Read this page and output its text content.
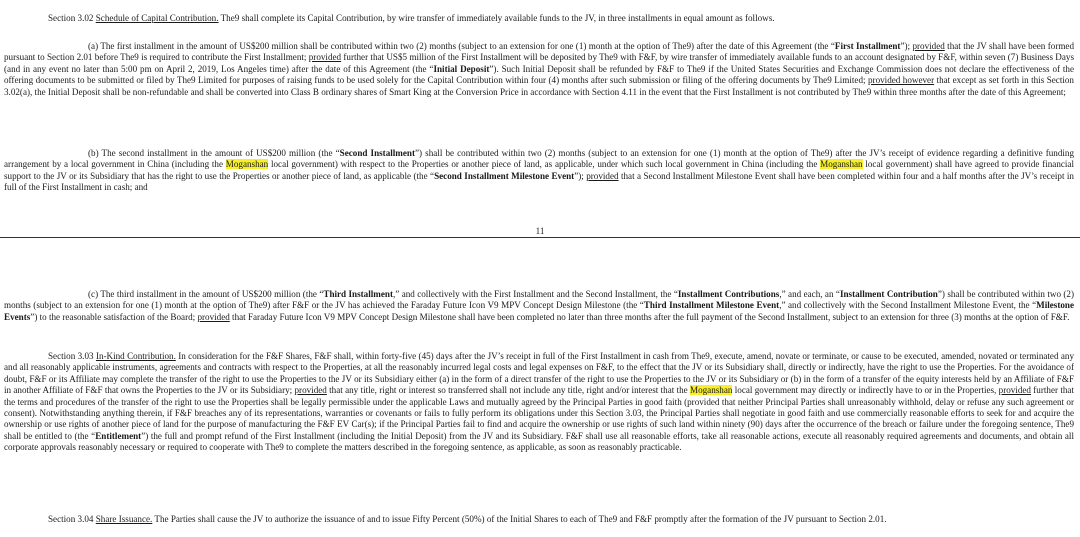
Section 3.02 Schedule of Capital Contribution. The9 shall complete its Capital Contribution, by wire transfer of immediately available funds to the JV, in three installments in equal amount as follows.

(a) The first installment in the amount of US$200 million shall be contributed within two (2) months (subject to an extension for one (1) month at the option of The9) after the date of this Agreement (the “First Installment”); provided that the JV shall have been formed pursuant to Section 2.01 before The9 is required to contribute the First Installment; provided further that US$5 million of the First Installment will be deposited by The9 with F&F, by wire transfer of immediately available funds to an account designated by F&F, within seven (7) Business Days (and in any event no later than 5:00 pm on April 2, 2019, Los Angeles time) after the date of this Agreement (the “Initial Deposit”). Such Initial Deposit shall be refunded by F&F to The9 if the United States Securities and Exchange Commission does not declare the effectiveness of the offering documents to be submitted or filed by The9 Limited for purposes of raising funds to be used solely for the Capital Contribution within four (4) months after such submission or filing of the offering documents by The9 Limited; provided however that except as set forth in this Section 3.02(a), the Initial Deposit shall be non-refundable and shall be converted into Class B ordinary shares of Smart King at the Conversion Price in accordance with Section 4.11 in the event that the First Installment is not contributed by The9 within three months after the date of this Agreement;

(b) The second installment in the amount of US$200 million (the “Second Installment”) shall be contributed within two (2) months (subject to an extension for one (1) month at the option of The9) after the JV’s receipt of evidence regarding a definitive funding arrangement by a local government in China (including the Moganshan local government) with respect to the Properties or another piece of land, as applicable, under which such local government in China (including the Moganshan local government) shall have agreed to provide financial support to the JV or its Subsidiary that has the right to use the Properties or another piece of land, as applicable (the “Second Installment Milestone Event”); provided that a Second Installment Milestone Event shall have been completed within four and a half months after the JV’s receipt in full of the First Installment in cash; and

11

(c) The third installment in the amount of US$200 million (the “Third Installment,” and collectively with the First Installment and the Second Installment, the “Installment Contributions,” and each, an “Installment Contribution”) shall be contributed within two (2) months (subject to an extension for one (1) month at the option of The9) after F&F or the JV has achieved the Faraday Future Icon V9 MPV Concept Design Milestone (the “Third Installment Milestone Event,” and collectively with the Second Installment Milestone Event, the “Milestone Events”) to the reasonable satisfaction of the Board; provided that Faraday Future Icon V9 MPV Concept Design Milestone shall have been completed no later than three months after the full payment of the Second Installment, subject to an extension for three (3) months at the option of F&F.

Section 3.03 In-Kind Contribution. In consideration for the F&F Shares, F&F shall, within forty-five (45) days after the JV’s receipt in full of the First Installment in cash from The9, execute, amend, novate or terminate, or cause to be executed, amended, novated or terminated any and all reasonably applicable instruments, agreements and contracts with respect to the Properties, at all the reasonably incurred legal costs and legal expenses on F&F, to the effect that the JV or its Subsidiary shall, directly or indirectly, have the right to use the Properties. For the avoidance of doubt, F&F or its Affiliate may complete the transfer of the right to use the Properties to the JV or its Subsidiary either (a) in the form of a direct transfer of the right to use the Properties to the JV or its Subsidiary or (b) in the form of a transfer of the equity interests held by an Affiliate of F&F in another Affiliate of F&F that owns the Properties to the JV or its Subsidiary; provided that any title, right or interest so transferred shall not include any title, right and/or interest that the Moganshan local government may directly or indirectly have to or in the Properties, provided further that the terms and procedures of the transfer of the right to use the Properties shall be legally permissible under the applicable Laws and mutually agreed by the Principal Parties in good faith (provided that neither Principal Parties shall unreasonably withhold, delay or refuse any such agreement or consent). Notwithstanding anything therein, if F&F breaches any of its representations, warranties or covenants or fails to fully perform its obligations under this Section 3.03, the Principal Parties shall negotiate in good faith and use commercially reasonable efforts to seek for and acquire the ownership or use rights of another piece of land for the purpose of manufacturing the F&F EV Car(s); if the Principal Parties fail to find and acquire the ownership or use rights of such land within ninety (90) days after the occurrence of the breach or failure under the foregoing sentence, The9 shall be entitled to (the “Entitlement”) the full and prompt refund of the First Installment (including the Initial Deposit) from the JV and its Subsidiary. F&F shall use all reasonable efforts, take all reasonable actions, execute all reasonably required agreements and documents, and obtain all corporate approvals reasonably necessary or required to cooperate with The9 to complete the matters described in the foregoing sentence, as applicable, as soon as reasonably practicable.

Section 3.04 Share Issuance. The Parties shall cause the JV to authorize the issuance of and to issue Fifty Percent (50%) of the Initial Shares to each of The9 and F&F promptly after the formation of the JV pursuant to Section 2.01.
